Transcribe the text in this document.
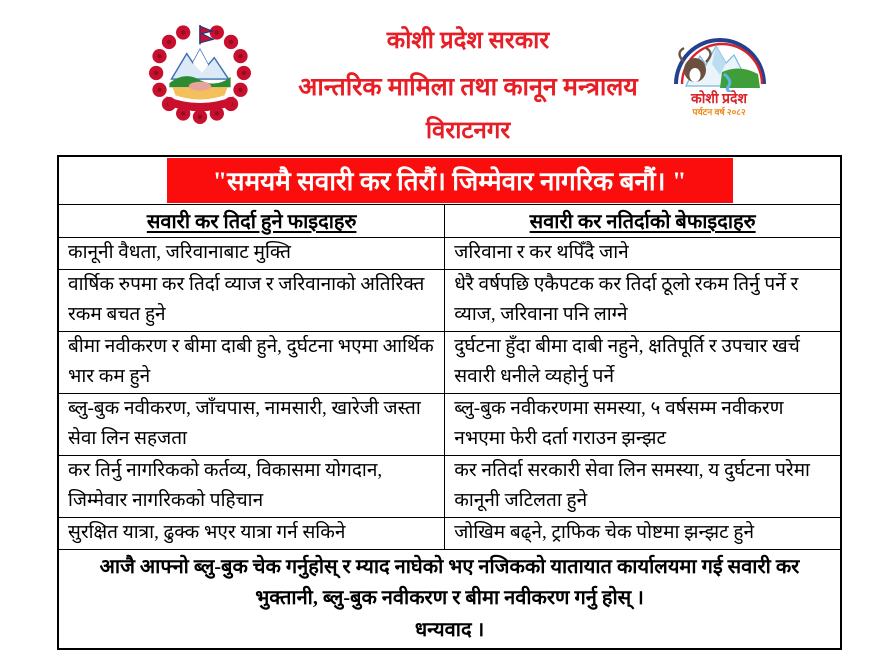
कोशी प्रदेश सरकार
आन्तरिक मामिला तथा कानून मन्त्रालय
विराटनगर
कोशी प्रदेश
पर्यटन वर्ष २०८२
"समयमै सवारी कर तिरौं। जिम्मेवार नागरिक बनौं। "	

सवारी कर तिर्दा हुने फाइदाहरु	सवारी कर नतिर्दाको बेफाइदाहरु
कानूनी वैधता, जरिवानाबाट मुक्ति	जरिवाना र कर थपिँदै जाने
वार्षिक रुपमा कर तिर्दा व्याज र जरिवानाको अतिरिक्त रकम बचत हुने	धेरै वर्षपछि एकैपटक कर तिर्दा ठूलो रकम तिर्नु पर्ने र व्याज, जरिवाना पनि लाग्ने
बीमा नवीकरण र बीमा दाबी हुने, दुर्घटना भएमा आर्थिक भार कम हुने	दुर्घटना हुँदा बीमा दाबी नहुने, क्षतिपूर्ति र उपचार खर्च सवारी धनीले व्यहोर्नु पर्ने
ब्लु-बुक नवीकरण, जाँचपास, नामसारी, खारेजी जस्ता सेवा लिन सहजता	ब्लु-बुक नवीकरणमा समस्या, ५ वर्षसम्म नवीकरण नभएमा फेरी दर्ता गराउन झन्झट
कर तिर्नु नागरिकको कर्तव्य, विकासमा योगदान, जिम्मेवार नागरिकको पहिचान	कर नतिर्दा सरकारी सेवा लिन समस्या, य दुर्घटना परेमा कानूनी जटिलता हुने
सुरक्षित यात्रा, ढुक्क भएर यात्रा गर्न सकिने	जोखिम बढ्ने, ट्राफिक चेक पोष्टमा झन्झट हुने

आजै आफ्नो ब्लु-बुक चेक गर्नुहोस् र म्याद नाघेको भए नजिकको यातायात कार्यालयमा गई सवारी कर भुक्तानी, ब्लु-बुक नवीकरण र बीमा नवीकरण गर्नु होस् ।
धन्यवाद ।	
